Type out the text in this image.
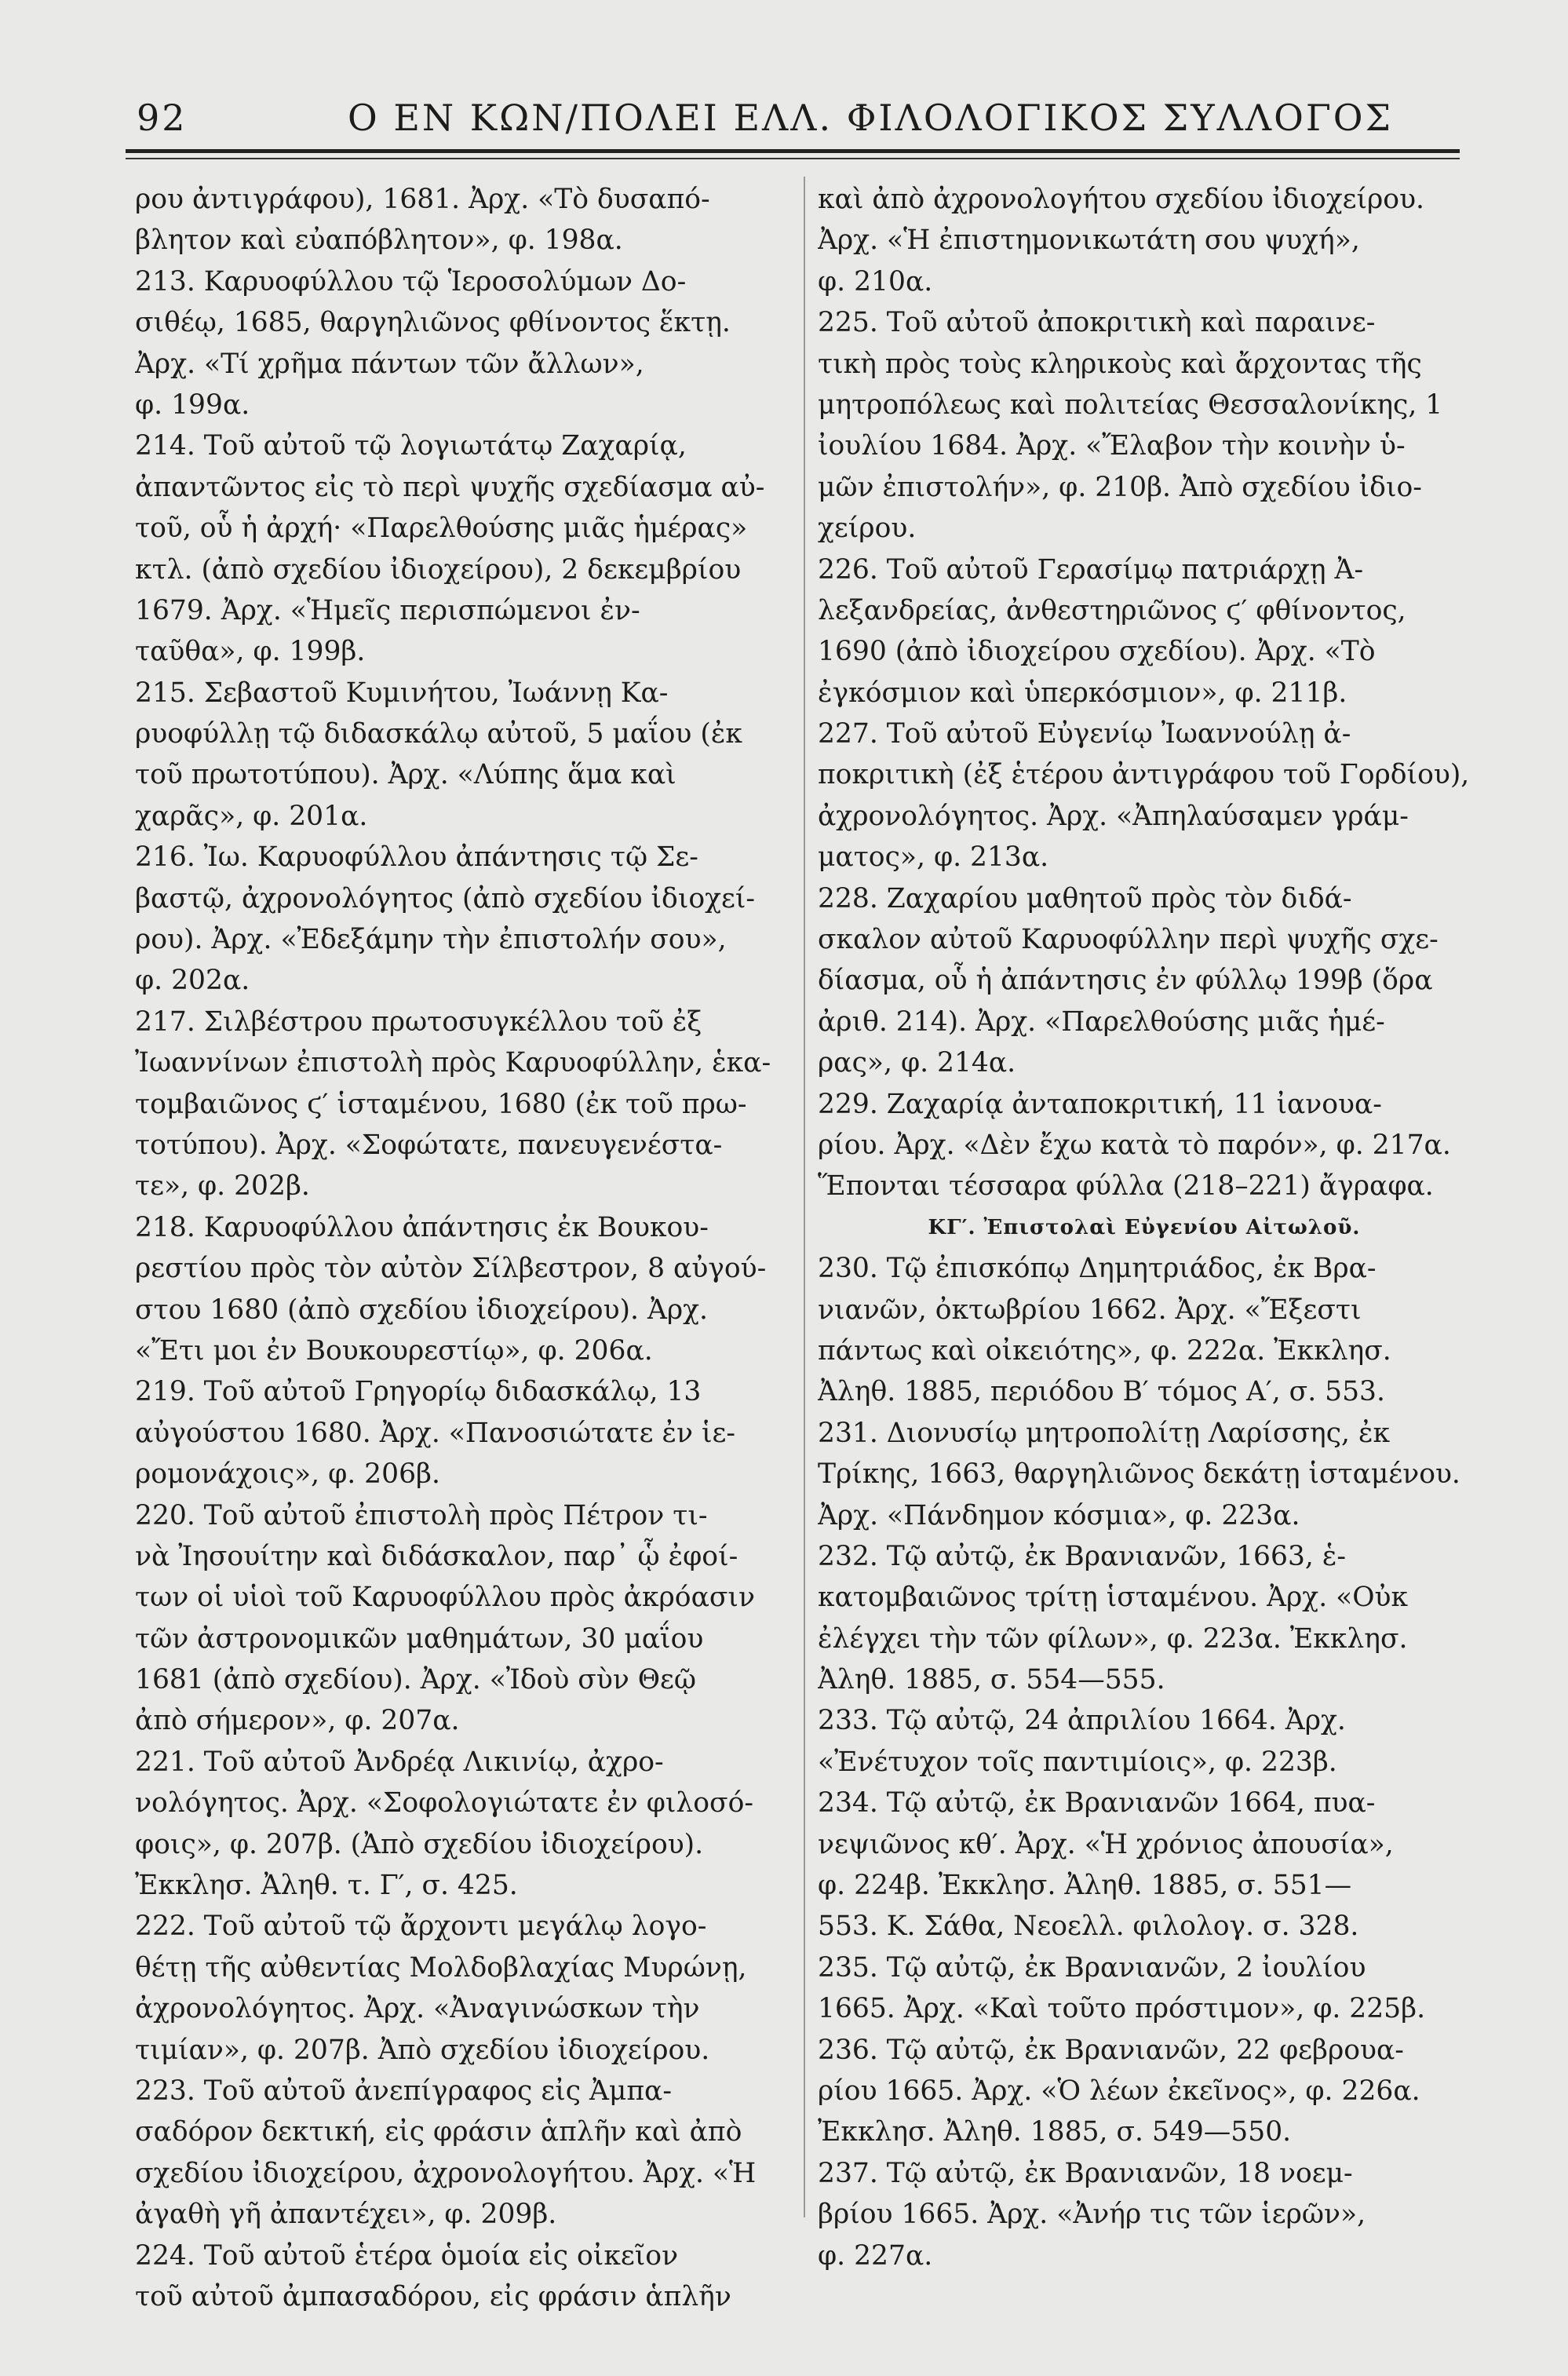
92	Ο ΕΝ ΚΩΝ/ΠΟΛΕΙ ΕΛΛ. ΦΙΛΟΛΟΓΙΚΟΣ ΣΥΛΛΟΓΟΣ
ρου ἀντιγράφου), 1681. Ἀρχ. «Τὸ δυσαπό-
βλητον καὶ εὐαπόβλητον», φ. 198α.
213. Καρυοφύλλου τῷ Ἱεροσολύμων Δο-
σιθέῳ, 1685, θαργηλιῶνος φθίνοντος ἕκτῃ.
Ἀρχ. «Τί χρῆμα πάντων τῶν ἄλλων»,
φ. 199α.
214. Τοῦ αὐτοῦ τῷ λογιωτάτῳ Ζαχαρίᾳ,
ἀπαντῶντος εἰς τὸ περὶ ψυχῆς σχεδίασμα αὐ-
τοῦ, οὗ ἡ ἀρχή· «Παρελθούσης μιᾶς ἡμέρας»
κτλ. (ἀπὸ σχεδίου ἰδιοχείρου), 2 δεκεμβρίου
1679. Ἀρχ. «Ἡμεῖς περισπώμενοι ἐν-
ταῦθα», φ. 199β.
215. Σεβαστοῦ Κυμινήτου, Ἰωάννῃ Κα-
ρυοφύλλῃ τῷ διδασκάλῳ αὐτοῦ, 5 μαΐου (ἐκ
τοῦ πρωτοτύπου). Ἀρχ. «Λύπης ἅμα καὶ
χαρᾶς», φ. 201α.
216. Ἰω. Καρυοφύλλου ἀπάντησις τῷ Σε-
βαστῷ, ἀχρονολόγητος (ἀπὸ σχεδίου ἰδιοχεί-
ρου). Ἀρχ. «Ἐδεξάμην τὴν ἐπιστολήν σου»,
φ. 202α.
217. Σιλβέστρου πρωτοσυγκέλλου τοῦ ἐξ
Ἰωαννίνων ἐπιστολὴ πρὸς Καρυοφύλλην, ἑκα-
τομβαιῶνος ϛ′ ἱσταμένου, 1680 (ἐκ τοῦ πρω-
τοτύπου). Ἀρχ. «Σοφώτατε, πανευγενέστα-
τε», φ. 202β.
218. Καρυοφύλλου ἀπάντησις ἐκ Βουκου-
ρεστίου πρὸς τὸν αὐτὸν Σίλβεστρον, 8 αὐγού-
στου 1680 (ἀπὸ σχεδίου ἰδιοχείρου). Ἀρχ.
«Ἔτι μοι ἐν Βουκουρεστίῳ», φ. 206α.
219. Τοῦ αὐτοῦ Γρηγορίῳ διδασκάλῳ, 13
αὐγούστου 1680. Ἀρχ. «Πανοσιώτατε ἐν ἱε-
ρομονάχοις», φ. 206β.
220. Τοῦ αὐτοῦ ἐπιστολὴ πρὸς Πέτρον τι-
νὰ Ἰησουίτην καὶ διδάσκαλον, παρ᾽ ᾧ ἐφοί-
των οἱ υἱοὶ τοῦ Καρυοφύλλου πρὸς ἀκρόασιν
τῶν ἀστρονομικῶν μαθημάτων, 30 μαΐου
1681 (ἀπὸ σχεδίου). Ἀρχ. «Ἰδοὺ σὺν Θεῷ
ἀπὸ σήμερον», φ. 207α.
221. Τοῦ αὐτοῦ Ἀνδρέᾳ Λικινίῳ, ἀχρο-
νολόγητος. Ἀρχ. «Σοφολογιώτατε ἐν φιλοσό-
φοις», φ. 207β. (Ἀπὸ σχεδίου ἰδιοχείρου).
Ἐκκλησ. Ἀληθ. τ. Γ′, σ. 425.
222. Τοῦ αὐτοῦ τῷ ἄρχοντι μεγάλῳ λογο-
θέτῃ τῆς αὐθεντίας Μολδοβλαχίας Μυρώνῃ,
ἀχρονολόγητος. Ἀρχ. «Ἀναγινώσκων τὴν
τιμίαν», φ. 207β. Ἀπὸ σχεδίου ἰδιοχείρου.
223. Τοῦ αὐτοῦ ἀνεπίγραφος εἰς Ἀμπα-
σαδόρον δεκτική, εἰς φράσιν ἁπλῆν καὶ ἀπὸ
σχεδίου ἰδιοχείρου, ἀχρονολογήτου. Ἀρχ. «Ἡ
ἀγαθὴ γῆ ἀπαντέχει», φ. 209β.
224. Τοῦ αὐτοῦ ἑτέρα ὁμοία εἰς οἰκεῖον
τοῦ αὐτοῦ ἀμπασαδόρου, εἰς φράσιν ἁπλῆν
καὶ ἀπὸ ἀχρονολογήτου σχεδίου ἰδιοχείρου.
Ἀρχ. «Ἡ ἐπιστημονικωτάτη σου ψυχή»,
φ. 210α.
225. Τοῦ αὐτοῦ ἀποκριτικὴ καὶ παραινε-
τικὴ πρὸς τοὺς κληρικοὺς καὶ ἄρχοντας τῆς
μητροπόλεως καὶ πολιτείας Θεσσαλονίκης, 1
ἰουλίου 1684. Ἀρχ. «Ἔλαβον τὴν κοινὴν ὑ-
μῶν ἐπιστολήν», φ. 210β. Ἀπὸ σχεδίου ἰδιο-
χείρου.
226. Τοῦ αὐτοῦ Γερασίμῳ πατριάρχῃ Ἀ-
λεξανδρείας, ἀνθεστηριῶνος ϛ′ φθίνοντος,
1690 (ἀπὸ ἰδιοχείρου σχεδίου). Ἀρχ. «Τὸ
ἐγκόσμιον καὶ ὑπερκόσμιον», φ. 211β.
227. Τοῦ αὐτοῦ Εὐγενίῳ Ἰωαννούλῃ ἀ-
ποκριτικὴ (ἐξ ἑτέρου ἀντιγράφου τοῦ Γορδίου),
ἀχρονολόγητος. Ἀρχ. «Ἀπηλαύσαμεν γράμ-
ματος», φ. 213α.
228. Ζαχαρίου μαθητοῦ πρὸς τὸν διδά-
σκαλον αὐτοῦ Καρυοφύλλην περὶ ψυχῆς σχε-
δίασμα, οὗ ἡ ἀπάντησις ἐν φύλλῳ 199β (ὅρα
ἀριθ. 214). Ἀρχ. «Παρελθούσης μιᾶς ἡμέ-
ρας», φ. 214α.
229. Ζαχαρίᾳ ἀνταποκριτική, 11 ἰανουα-
ρίου. Ἀρχ. «Δὲν ἔχω κατὰ τὸ παρόν», φ. 217α.
Ἕπονται τέσσαρα φύλλα (218–221) ἄγραφα.
ΚΓ′. Ἐπιστολαὶ Εὐγενίου Αἰτωλοῦ.
230. Τῷ ἐπισκόπῳ Δημητριάδος, ἐκ Βρα-
νιανῶν, ὀκτωβρίου 1662. Ἀρχ. «Ἔξεστι
πάντως καὶ οἰκειότης», φ. 222α. Ἐκκλησ.
Ἀληθ. 1885, περιόδου Β′ τόμος Α′, σ. 553.
231. Διονυσίῳ μητροπολίτῃ Λαρίσσης, ἐκ
Τρίκης, 1663, θαργηλιῶνος δεκάτῃ ἱσταμένου.
Ἀρχ. «Πάνδημον κόσμια», φ. 223α.
232. Τῷ αὐτῷ, ἐκ Βρανιανῶν, 1663, ἑ-
κατομβαιῶνος τρίτῃ ἱσταμένου. Ἀρχ. «Οὐκ
ἐλέγχει τὴν τῶν φίλων», φ. 223α. Ἐκκλησ.
Ἀληθ. 1885, σ. 554—555.
233. Τῷ αὐτῷ, 24 ἀπριλίου 1664. Ἀρχ.
«Ἐνέτυχον τοῖς παντιμίοις», φ. 223β.
234. Τῷ αὐτῷ, ἐκ Βρανιανῶν 1664, πυα-
νεψιῶνος κθ′. Ἀρχ. «Ἡ χρόνιος ἀπουσία»,
φ. 224β. Ἐκκλησ. Ἀληθ. 1885, σ. 551—
553. Κ. Σάθα, Νεοελλ. φιλολογ. σ. 328.
235. Τῷ αὐτῷ, ἐκ Βρανιανῶν, 2 ἰουλίου
1665. Ἀρχ. «Καὶ τοῦτο πρόστιμον», φ. 225β.
236. Τῷ αὐτῷ, ἐκ Βρανιανῶν, 22 φεβρουα-
ρίου 1665. Ἀρχ. «Ὁ λέων ἐκεῖνος», φ. 226α.
Ἐκκλησ. Ἀληθ. 1885, σ. 549—550.
237. Τῷ αὐτῷ, ἐκ Βρανιανῶν, 18 νοεμ-
βρίου 1665. Ἀρχ. «Ἀνήρ τις τῶν ἱερῶν»,
φ. 227α.
